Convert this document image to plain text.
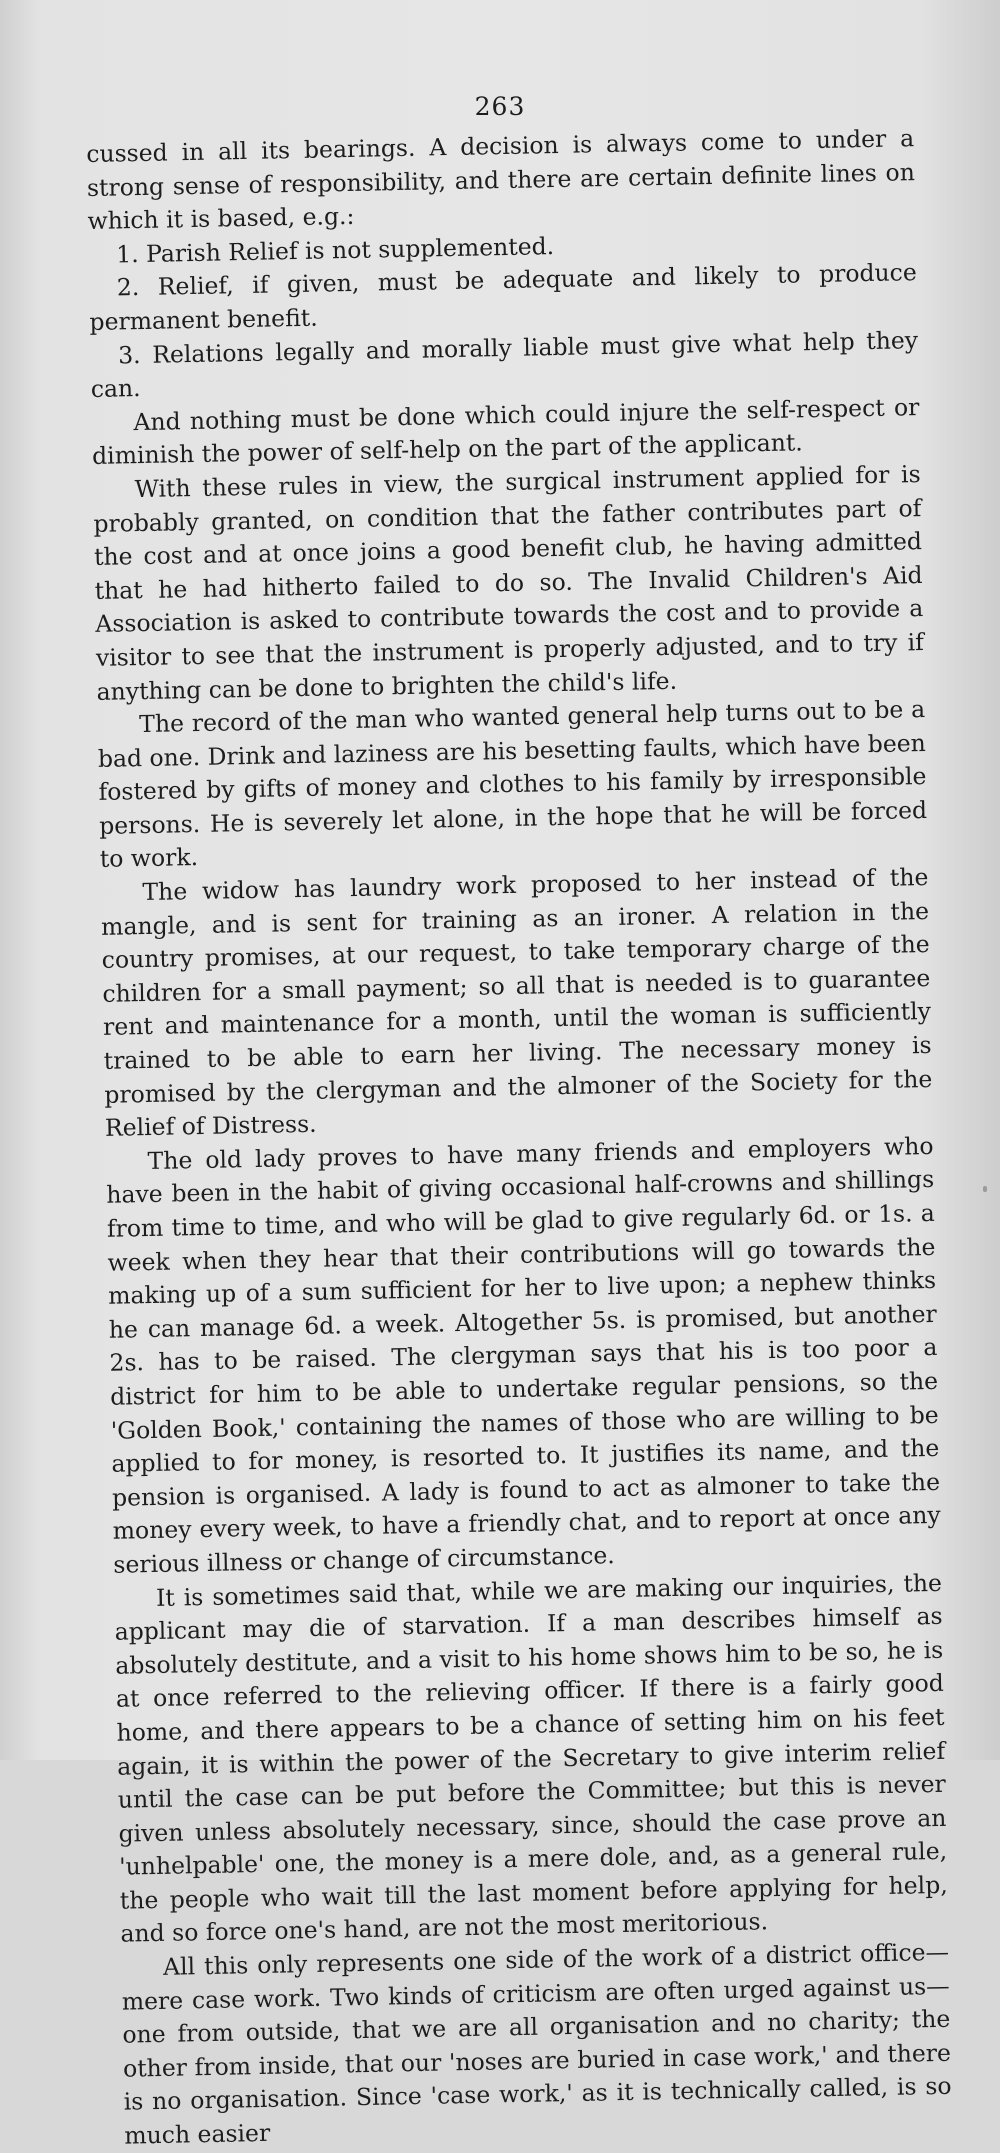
263

cussed in all its bearings. A decision is always come to under a strong sense of responsibility, and there are certain definite lines on which it is based, e.g.:

1. Parish Relief is not supplemented.

2. Relief, if given, must be adequate and likely to produce permanent benefit.

3. Relations legally and morally liable must give what help they can.

And nothing must be done which could injure the self-respect or diminish the power of self-help on the part of the applicant.

With these rules in view, the surgical instrument applied for is probably granted, on condition that the father contributes part of the cost and at once joins a good benefit club, he having admitted that he had hitherto failed to do so. The Invalid Children's Aid Association is asked to contribute towards the cost and to provide a visitor to see that the instrument is properly adjusted, and to try if anything can be done to brighten the child's life.

The record of the man who wanted general help turns out to be a bad one. Drink and laziness are his besetting faults, which have been fostered by gifts of money and clothes to his family by irresponsible persons. He is severely let alone, in the hope that he will be forced to work.

The widow has laundry work proposed to her instead of the mangle, and is sent for training as an ironer. A relation in the country promises, at our request, to take temporary charge of the children for a small payment; so all that is needed is to guarantee rent and maintenance for a month, until the woman is sufficiently trained to be able to earn her living. The necessary money is promised by the clergyman and the almoner of the Society for the Relief of Distress.

The old lady proves to have many friends and employers who have been in the habit of giving occasional half-crowns and shillings from time to time, and who will be glad to give regularly 6d. or 1s. a week when they hear that their contributions will go towards the making up of a sum sufficient for her to live upon; a nephew thinks he can manage 6d. a week. Altogether 5s. is promised, but another 2s. has to be raised. The clergyman says that his is too poor a district for him to be able to undertake regular pensions, so the 'Golden Book,' containing the names of those who are willing to be applied to for money, is resorted to. It justifies its name, and the pension is organised. A lady is found to act as almoner to take the money every week, to have a friendly chat, and to report at once any serious illness or change of circumstance.

It is sometimes said that, while we are making our inquiries, the applicant may die of starvation. If a man describes himself as absolutely destitute, and a visit to his home shows him to be so, he is at once referred to the relieving officer. If there is a fairly good home, and there appears to be a chance of setting him on his feet again, it is within the power of the Secretary to give interim relief until the case can be put before the Committee; but this is never given unless absolutely necessary, since, should the case prove an 'unhelpable' one, the money is a mere dole, and, as a general rule, the people who wait till the last moment before applying for help, and so force one's hand, are not the most meritorious.

All this only represents one side of the work of a district office—mere case work. Two kinds of criticism are often urged against us—one from outside, that we are all organisation and no charity; the other from inside, that our 'noses are buried in case work,' and there is no organisation. Since 'case work,' as it is technically called, is so much easier
